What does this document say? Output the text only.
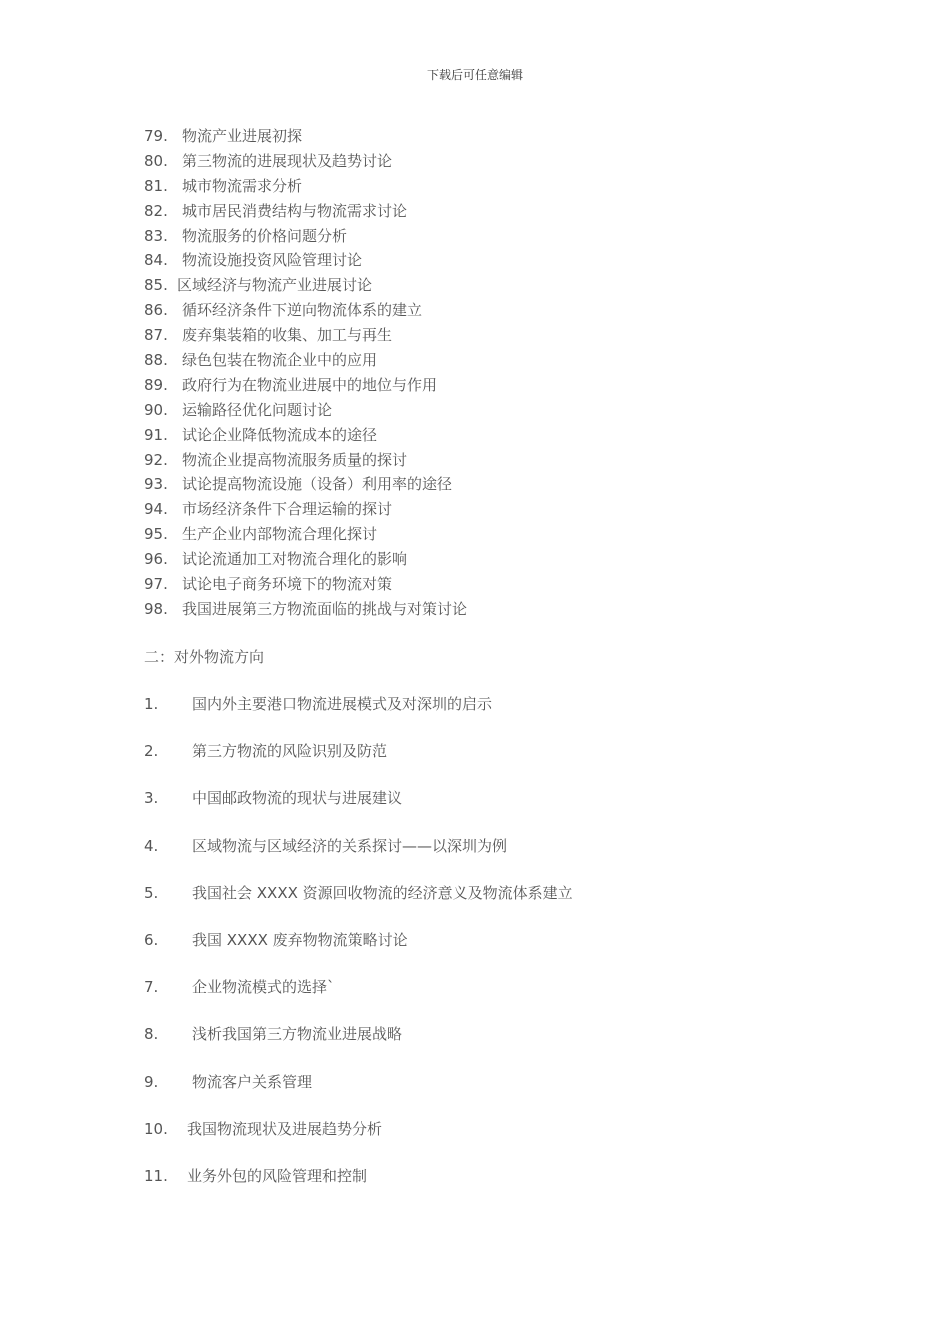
下载后可任意编辑
79. 物流产业进展初探
80. 第三物流的进展现状及趋势讨论
81. 城市物流需求分析
82. 城市居民消费结构与物流需求讨论
83. 物流服务的价格问题分析
84. 物流设施投资风险管理讨论
85. 区域经济与物流产业进展讨论
86. 循环经济条件下逆向物流体系的建立
87. 废弃集装箱的收集、加工与再生
88. 绿色包装在物流企业中的应用
89. 政府行为在物流业进展中的地位与作用
90. 运输路径优化问题讨论
91. 试论企业降低物流成本的途径
92. 物流企业提高物流服务质量的探讨
93. 试论提高物流设施（设备）利用率的途径
94. 市场经济条件下合理运输的探讨
95. 生产企业内部物流合理化探讨
96. 试论流通加工对物流合理化的影响
97. 试论电子商务环境下的物流对策
98. 我国进展第三方物流面临的挑战与对策讨论
二：对外物流方向
1. 国内外主要港口物流进展模式及对深圳的启示
2. 第三方物流的风险识别及防范
3. 中国邮政物流的现状与进展建议
4. 区域物流与区域经济的关系探讨——以深圳为例
5. 我国社会 XXXX 资源回收物流的经济意义及物流体系建立
6. 我国 XXXX 废弃物物流策略讨论
7. 企业物流模式的选择`
8. 浅析我国第三方物流业进展战略
9. 物流客户关系管理
10. 我国物流现状及进展趋势分析
11. 业务外包的风险管理和控制
